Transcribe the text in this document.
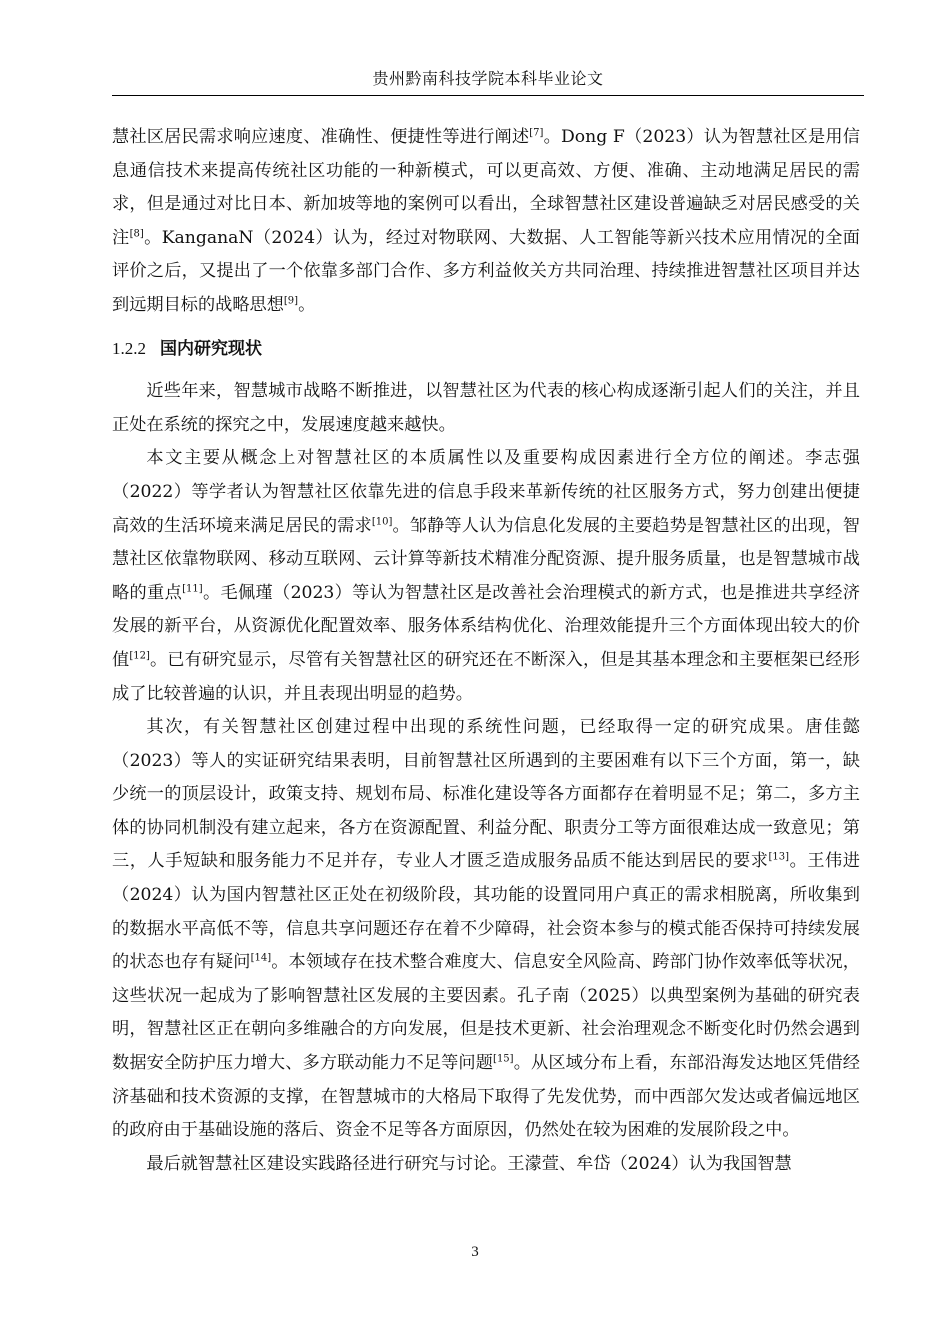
贵州黔南科技学院本科毕业论文

慧社区居民需求响应速度、准确性、便捷性等进行阐述[7]。Dong F（2023）认为智慧社区是用信息通信技术来提高传统社区功能的一种新模式，可以更高效、方便、准确、主动地满足居民的需求，但是通过对比日本、新加坡等地的案例可以看出，全球智慧社区建设普遍缺乏对居民感受的关注[8]。KanganaN（2024）认为，经过对物联网、大数据、人工智能等新兴技术应用情况的全面评价之后，又提出了一个依靠多部门合作、多方利益攸关方共同治理、持续推进智慧社区项目并达到远期目标的战略思想[9]。

1.2.2 国内研究现状

近些年来，智慧城市战略不断推进，以智慧社区为代表的核心构成逐渐引起人们的关注，并且正处在系统的探究之中，发展速度越来越快。

本文主要从概念上对智慧社区的本质属性以及重要构成因素进行全方位的阐述。李志强（2022）等学者认为智慧社区依靠先进的信息手段来革新传统的社区服务方式，努力创建出便捷高效的生活环境来满足居民的需求[10]。邹静等人认为信息化发展的主要趋势是智慧社区的出现，智慧社区依靠物联网、移动互联网、云计算等新技术精准分配资源、提升服务质量，也是智慧城市战略的重点[11]。毛佩瑾（2023）等认为智慧社区是改善社会治理模式的新方式，也是推进共享经济发展的新平台，从资源优化配置效率、服务体系结构优化、治理效能提升三个方面体现出较大的价值[12]。已有研究显示，尽管有关智慧社区的研究还在不断深入，但是其基本理念和主要框架已经形成了比较普遍的认识，并且表现出明显的趋势。

其次，有关智慧社区创建过程中出现的系统性问题，已经取得一定的研究成果。唐佳懿（2023）等人的实证研究结果表明，目前智慧社区所遇到的主要困难有以下三个方面，第一，缺少统一的顶层设计，政策支持、规划布局、标准化建设等各方面都存在着明显不足；第二，多方主体的协同机制没有建立起来，各方在资源配置、利益分配、职责分工等方面很难达成一致意见；第三，人手短缺和服务能力不足并存，专业人才匮乏造成服务品质不能达到居民的要求[13]。王伟进（2024）认为国内智慧社区正处在初级阶段，其功能的设置同用户真正的需求相脱离，所收集到的数据水平高低不等，信息共享问题还存在着不少障碍，社会资本参与的模式能否保持可持续发展的状态也存有疑问[14]。本领域存在技术整合难度大、信息安全风险高、跨部门协作效率低等状况，这些状况一起成为了影响智慧社区发展的主要因素。孔子南（2025）以典型案例为基础的研究表明，智慧社区正在朝向多维融合的方向发展，但是技术更新、社会治理观念不断变化时仍然会遇到数据安全防护压力增大、多方联动能力不足等问题[15]。从区域分布上看，东部沿海发达地区凭借经济基础和技术资源的支撑，在智慧城市的大格局下取得了先发优势，而中西部欠发达或者偏远地区的政府由于基础设施的落后、资金不足等各方面原因，仍然处在较为困难的发展阶段之中。

最后就智慧社区建设实践路径进行研究与讨论。王濛萱、牟岱（2024）认为我国智慧

3
